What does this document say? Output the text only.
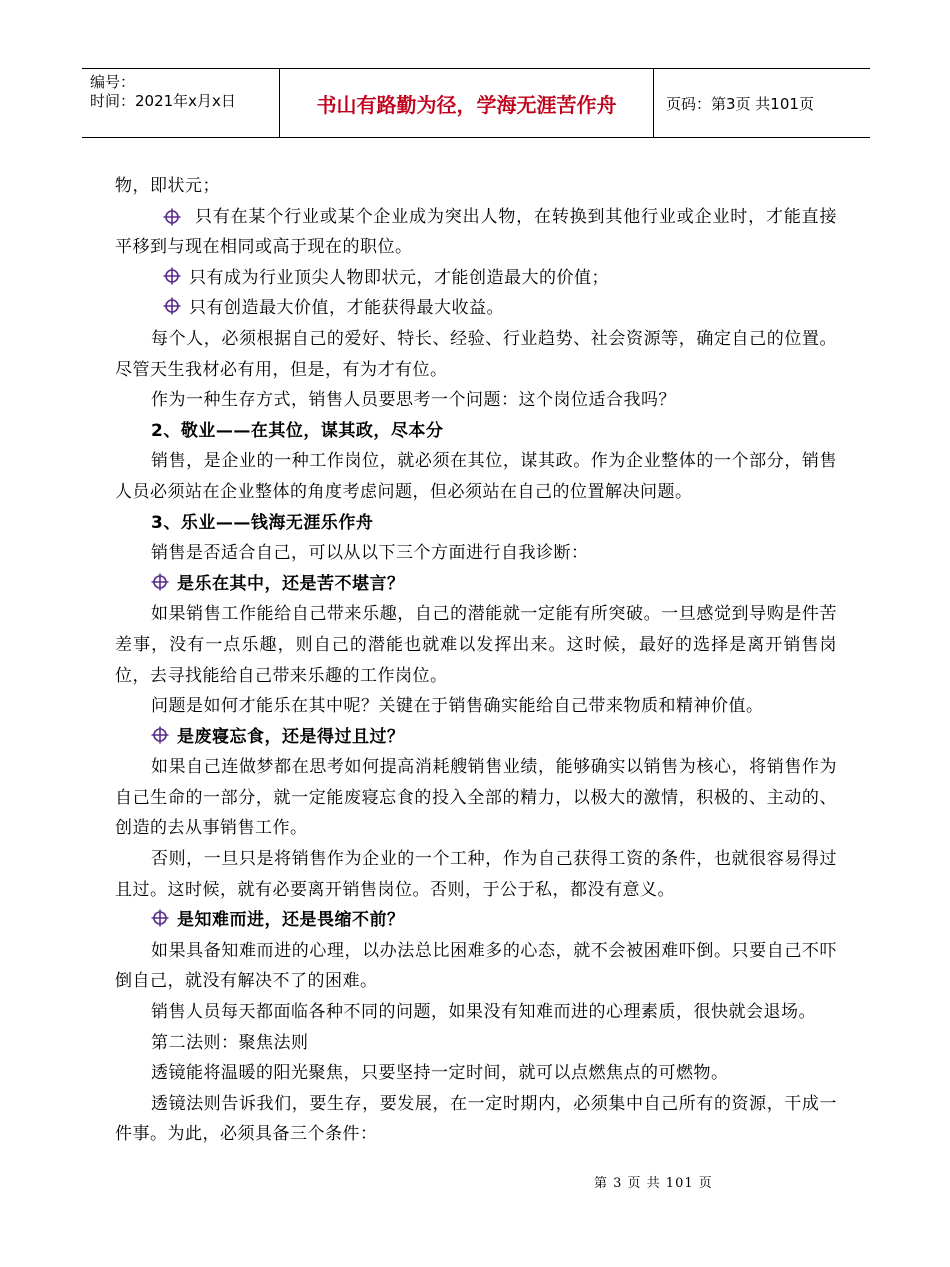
编号：
时间：2021年x月x日	书山有路勤为径，学海无涯苦作舟	页码：第3页 共101页

物，即状元；

只有在某个行业或某个企业成为突出人物，在转换到其他行业或企业时，才能直接平移到与现在相同或高于现在的职位。

只有成为行业顶尖人物即状元，才能创造最大的价值；

只有创造最大价值，才能获得最大收益。

每个人，必须根据自己的爱好、特长、经验、行业趋势、社会资源等，确定自己的位置。尽管天生我材必有用，但是，有为才有位。

作为一种生存方式，销售人员要思考一个问题：这个岗位适合我吗？

2、敬业——在其位，谋其政，尽本分

销售，是企业的一种工作岗位，就必须在其位，谋其政。作为企业整体的一个部分，销售人员必须站在企业整体的角度考虑问题，但必须站在自己的位置解决问题。

3、乐业——钱海无涯乐作舟

销售是否适合自己，可以从以下三个方面进行自我诊断：

是乐在其中，还是苦不堪言？

如果销售工作能给自己带来乐趣，自己的潜能就一定能有所突破。一旦感觉到导购是件苦差事，没有一点乐趣，则自己的潜能也就难以发挥出来。这时候，最好的选择是离开销售岗位，去寻找能给自己带来乐趣的工作岗位。

问题是如何才能乐在其中呢？关键在于销售确实能给自己带来物质和精神价值。

是废寝忘食，还是得过且过？

如果自己连做梦都在思考如何提高消耗艘销售业绩，能够确实以销售为核心，将销售作为自己生命的一部分，就一定能废寝忘食的投入全部的精力，以极大的激情，积极的、主动的、创造的去从事销售工作。

否则，一旦只是将销售作为企业的一个工种，作为自己获得工资的条件，也就很容易得过且过。这时候，就有必要离开销售岗位。否则，于公于私，都没有意义。

是知难而进，还是畏缩不前？

如果具备知难而进的心理，以办法总比困难多的心态，就不会被困难吓倒。只要自己不吓倒自己，就没有解决不了的困难。

销售人员每天都面临各种不同的问题，如果没有知难而进的心理素质，很快就会退场。

第二法则：聚焦法则

透镜能将温暖的阳光聚焦，只要坚持一定时间，就可以点燃焦点的可燃物。

透镜法则告诉我们，要生存，要发展，在一定时期内，必须集中自己所有的资源，干成一件事。为此，必须具备三个条件：

第 3 页 共 101 页
